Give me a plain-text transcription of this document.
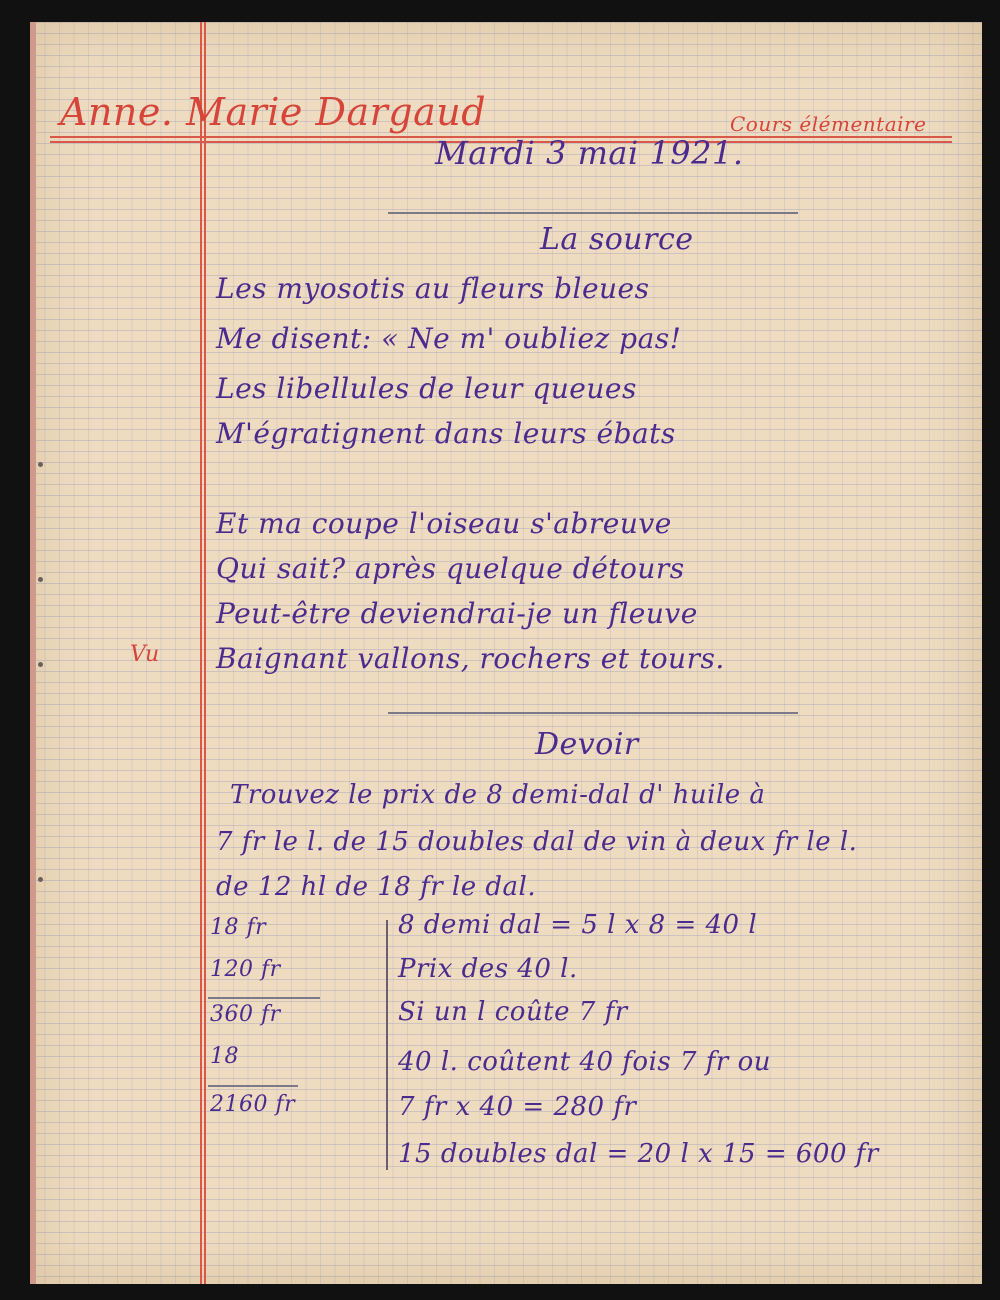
Anne. Marie Dargaud	Cours élémentaire
Mardi 3 mai 1921.
La source
Les myosotis au fleurs bleues
Me disent: « Ne m' oubliez pas!
Les libellules de leur queues
M'égratignent dans leurs ébats
Et ma coupe l'oiseau s'abreuve
Qui sait? après quelque détours
Peut-être deviendrai-je un fleuve
Baignant vallons, rochers et tours.
Vu
Devoir
Trouvez le prix de 8 demi-dal d' huile à
7 fr le l. de 15 doubles dal de vin à deux fr le l.
de 12 hl de 18 fr le dal.
18 fr
120 fr
360 fr
18
2160 fr
8 demi dal = 5 l x 8 = 40 l
Prix des 40 l.
Si un l coûte 7 fr
40 l. coûtent 40 fois 7 fr ou
7 fr x 40 = 280 fr
15 doubles dal = 20 l x 15 = 600 fr
